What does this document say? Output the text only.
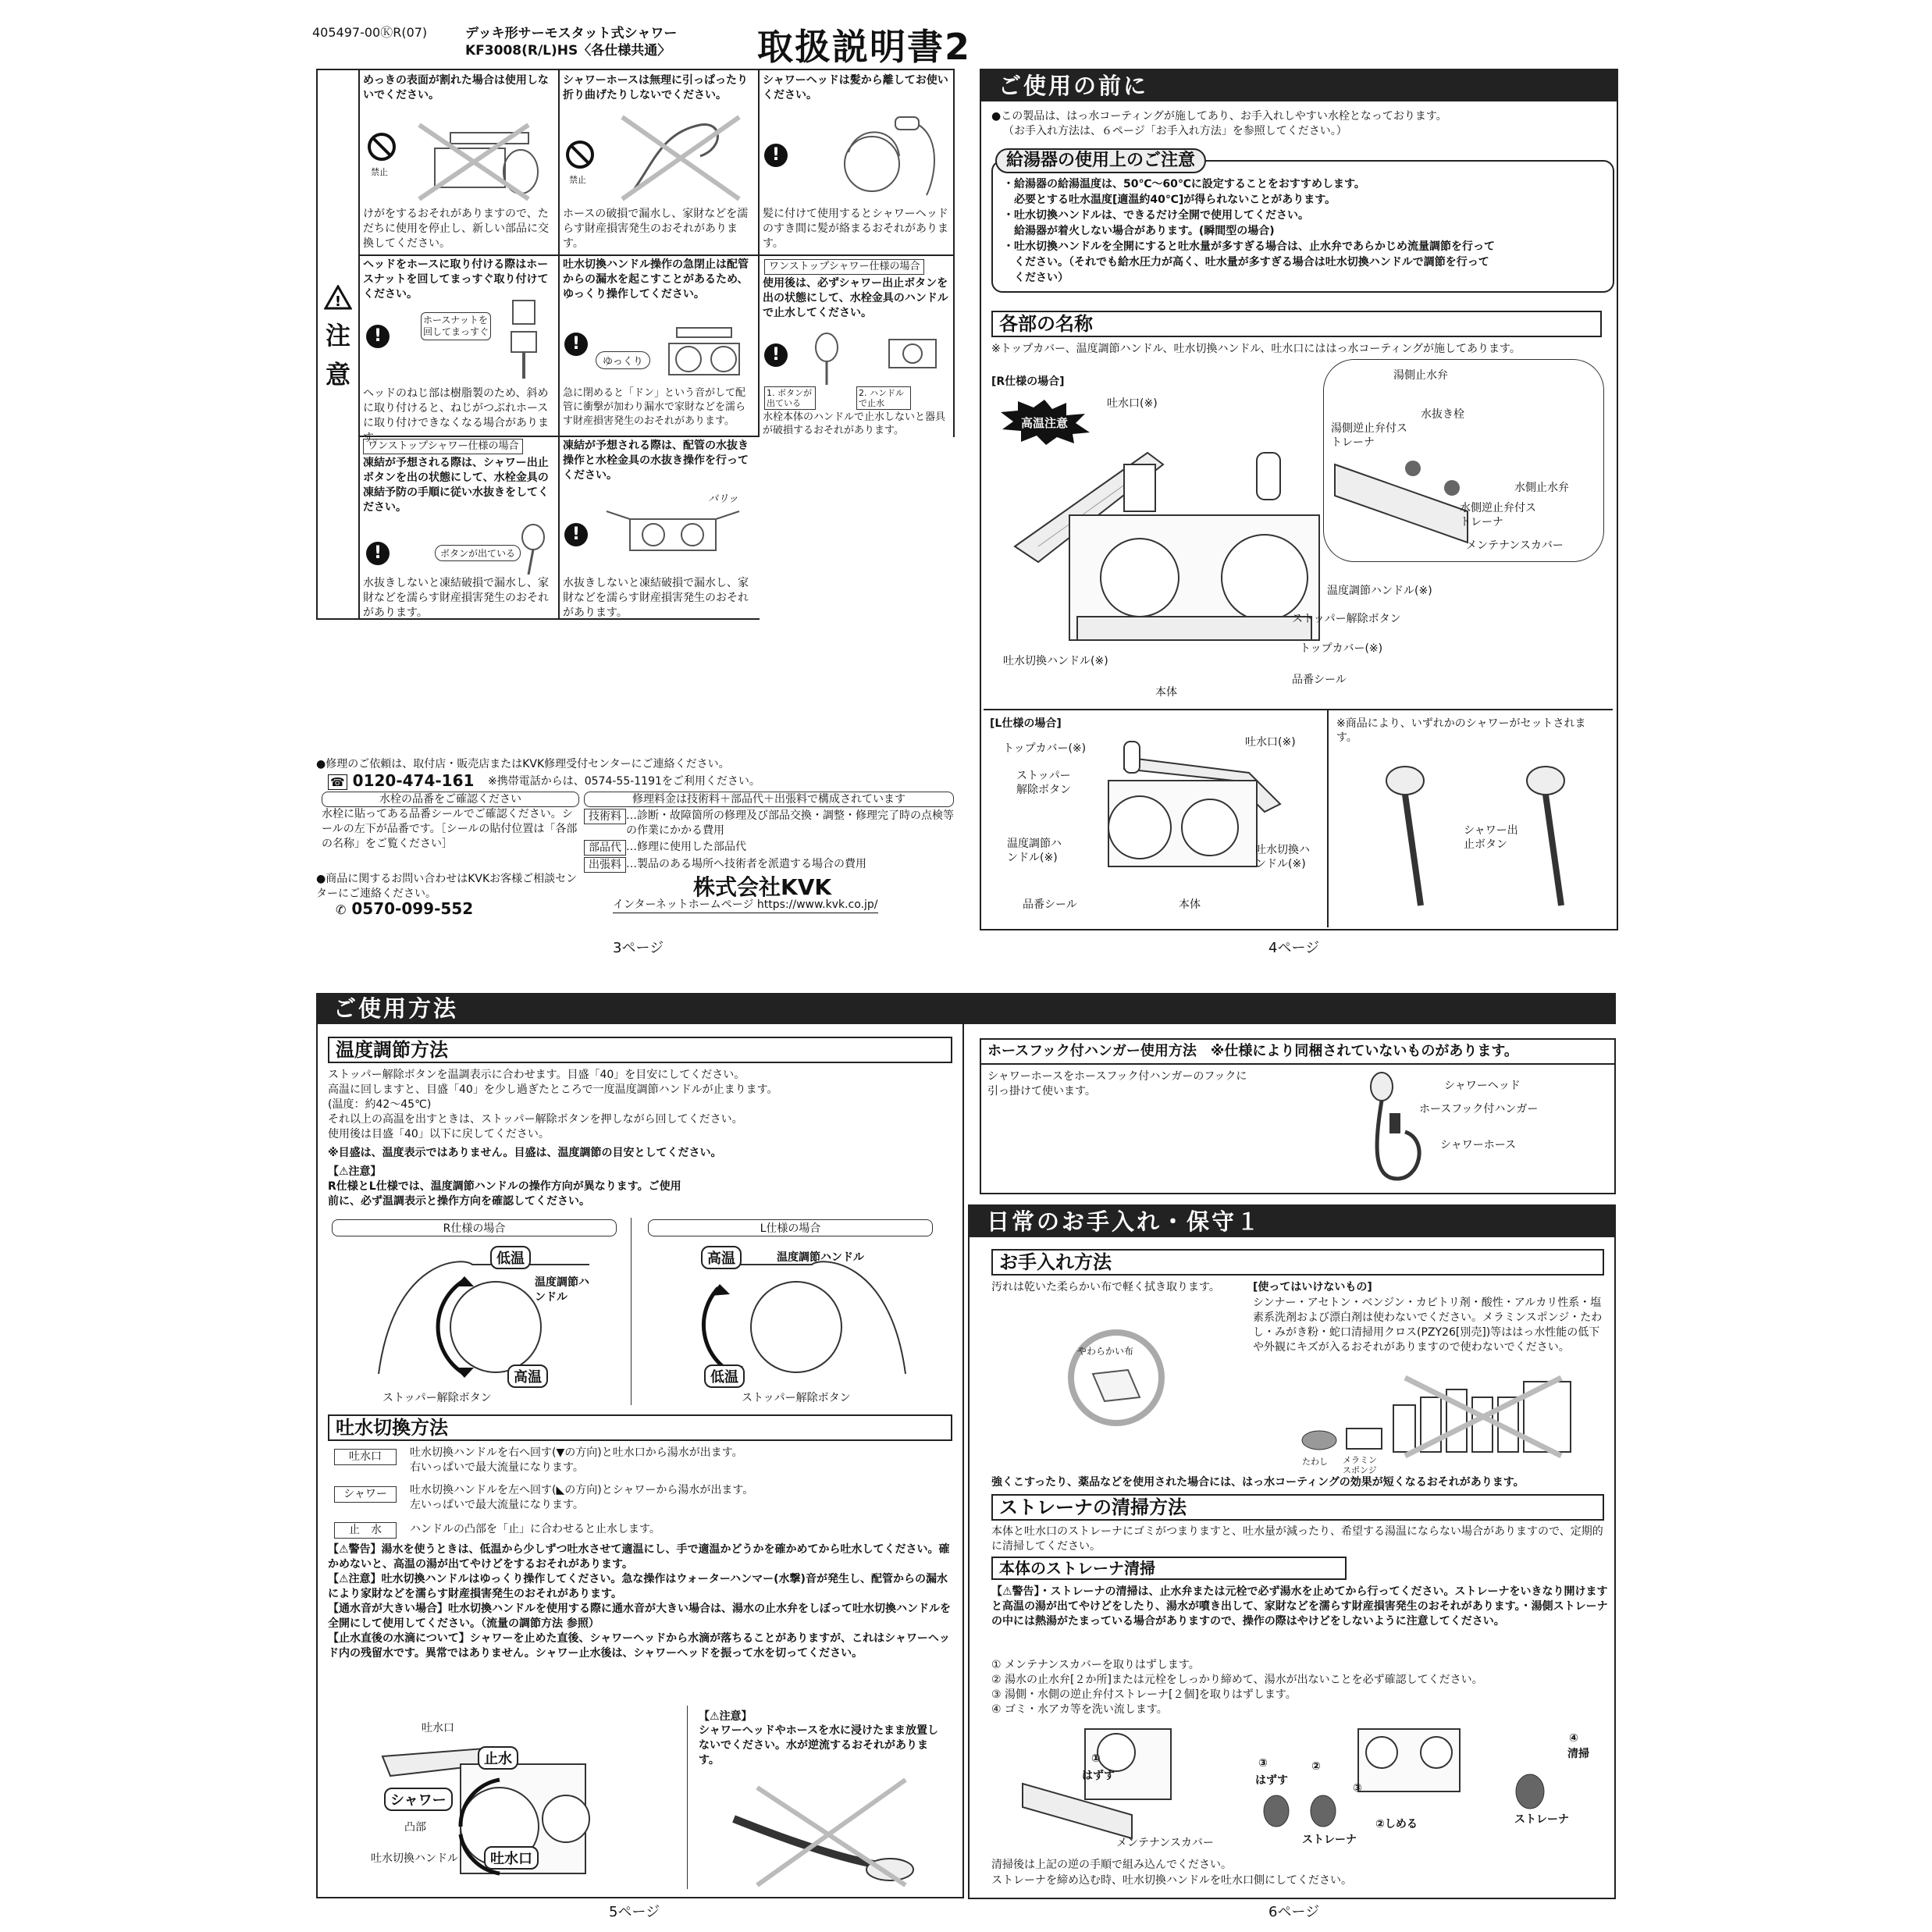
405497-00ⓀR(07)	デッキ形サーモスタット式シャワー
KF3008(R/L)HS〈各仕様共通〉 取扱説明書2
!
注
意
めっきの表面が割れた場合は使用しないでください。
禁止
けがをするおそれがありますので、ただちに使用を停止し、新しい部品に交換してください。
シャワーホースは無理に引っぱったり折り曲げたりしないでください。
禁止
ホースの破損で漏水し、家財などを濡らす財産損害発生のおそれがあります。
シャワーヘッドは髪から離してお使いください。
!
髪に付けて使用するとシャワーヘッドのすき間に髪が絡まるおそれがあります。
ヘッドをホースに取り付ける際はホースナットを回してまっすぐ取り付けてください。
!
ホースナットを回してまっすぐ
ヘッドのねじ部は樹脂製のため、斜めに取り付けると、ねじがつぶれホースに取り付けできなくなる場合があります。
吐水切換ハンドル操作の急閉止は配管からの漏水を起こすことがあるため、ゆっくり操作してください。
!
ゆっくり
急に閉めると「ドン」という音がして配管に衝撃が加わり漏水で家財などを濡らす財産損害発生のおそれがあります。
ワンストップシャワー仕様の場合
使用後は、必ずシャワー出止ボタンを出の状態にして、水栓金具のハンドルで止水してください。
!
1. ボタンが出ている
2. ハンドルで止水
水栓本体のハンドルで止水しないと器具が破損するおそれがあります。
ワンストップシャワー仕様の場合
凍結が予想される際は、シャワー出止ボタンを出の状態にして、水栓金具の凍結予防の手順に従い水抜きをしてください。
!	ボタンが出ている
水抜きしないと凍結破損で漏水し、家財などを濡らす財産損害発生のおそれがあります。
凍結が予想される際は、配管の水抜き操作と水栓金具の水抜き操作を行ってください。
!
パリッ
水抜きしないと凍結破損で漏水し、家財などを濡らす財産損害発生のおそれがあります。
●修理のご依頼は、取付店・販売店またはKVK修理受付センターにご連絡ください。
☎ 0120-474-161 ※携帯電話からは、0574-55-1191をご利用ください。
水栓の品番をご確認ください
水栓に貼ってある品番シールでご確認ください。シールの左下が品番です。［シールの貼付位置は「各部の名称」をご覧ください］
修理料金は技術料＋部品代＋出張料で構成されています
技術料 …診断・故障箇所の修理及び部品交換・調整・修理完了時の点検等の作業にかかる費用
部品代 …修理に使用した部品代
出張料 …製品のある場所へ技術者を派遣する場合の費用
●商品に関するお問い合わせはKVKお客様ご相談センターにご連絡ください。
✆ 0570-099-552
株式会社KVK
インターネットホームページ https://www.kvk.co.jp/
3ページ	4ページ
ご使用の前に
●この製品は、はっ水コーティングが施してあり、お手入れしやすい水栓となっております。
（お手入れ方法は、６ページ「お手入れ方法」を参照してください。）
給湯器の使用上のご注意
・給湯器の給湯温度は、50℃～60℃に設定することをおすすめします。
　必要とする吐水温度[適温約40℃]が得られないことがあります。
・吐水切換ハンドルは、できるだけ全開で使用してください。
　給湯器が着火しない場合があります。(瞬間型の場合)
・吐水切換ハンドルを全開にすると吐水量が多すぎる場合は、止水弁であらかじめ流量調節を行って
　ください。（それでも給水圧力が高く、吐水量が多すぎる場合は吐水切換ハンドルで調節を行って
　ください）
各部の名称
※トップカバー、温度調節ハンドル、吐水切換ハンドル、吐水口にははっ水コーティングが施してあります。
[R仕様の場合]
高温注意
吐水口(※)
湯側止水弁
水抜き栓
湯側逆止弁付ストレーナ
水側止水弁
水側逆止弁付ストレーナ
メンテナンスカバー
温度調節ハンドル(※)
ストッパー解除ボタン
トップカバー(※)
吐水切換ハンドル(※)
本体
品番シール
[L仕様の場合]
トップカバー(※)	吐水口(※)
ストッパー解除ボタン
温度調節ハンドル(※)
吐水切換ハンドル(※)
品番シール	本体
※商品により、いずれかのシャワーがセットされます。
シャワー出止ボタン
ご使用方法
温度調節方法
ストッパー解除ボタンを温調表示に合わせます。目盛「40」を目安にしてください。
高温に回しますと、目盛「40」を少し過ぎたところで一度温度調節ハンドルが止まります。
(温度：約42～45℃)
それ以上の高温を出すときは、ストッパー解除ボタンを押しながら回してください。
使用後は目盛「40」以下に戻してください。
※目盛は、温度表示ではありません。目盛は、温度調節の目安としてください。
【⚠注意】
R仕様とL仕様では、温度調節ハンドルの操作方向が異なります。ご使用前に、必ず温調表示と操作方向を確認してください。
R仕様の場合	L仕様の場合
低温
高温
温度調節ハンドル
ストッパー解除ボタン
高温
低温
温度調節ハンドル
ストッパー解除ボタン
吐水切換方法
吐水口	吐水切換ハンドルを右へ回す(▼の方向)と吐水口から湯水が出ます。
右いっぱいで最大流量になります。
シャワー	吐水切換ハンドルを左へ回す(◣の方向)とシャワーから湯水が出ます。
左いっぱいで最大流量になります。
止　水	ハンドルの凸部を「止」に合わせると止水します。
【⚠警告】湯水を使うときは、低温から少しずつ吐水させて適温にし、手で適温かどうかを確かめてから吐水してください。確かめないと、高温の湯が出てやけどをするおそれがあります。
【⚠注意】吐水切換ハンドルはゆっくり操作してください。急な操作はウォーターハンマー(水撃)音が発生し、配管からの漏水により家財などを濡らす財産損害発生のおそれがあります。
【通水音が大きい場合】吐水切換ハンドルを使用する際に通水音が大きい場合は、湯水の止水弁をしぼって吐水切換ハンドルを全開にして使用してください。（流量の調節方法 参照）
【止水直後の水滴について】シャワーを止めた直後、シャワーヘッドから水滴が落ちることがありますが、これはシャワーヘッド内の残留水です。異常ではありません。シャワー止水後は、シャワーヘッドを振って水を切ってください。
吐水口
止水
シャワー
凸部
吐水切換ハンドル	吐水口
【⚠注意】
シャワーヘッドやホースを水に浸けたまま放置しないでください。水が逆流するおそれがあります。
5ページ
ホースフック付ハンガー使用方法　※仕様により同梱されていないものがあります。
シャワーホースをホースフック付ハンガーのフックに引っ掛けて使います。	シャワーヘッド
ホースフック付ハンガー
シャワーホース
日常のお手入れ・保守１
お手入れ方法
汚れは乾いた柔らかい布で軽く拭き取ります。
やわらかい布
[使ってはいけないもの]
シンナー・アセトン・ベンジン・カビトリ剤・酸性・アルカリ性系・塩素系洗剤および漂白剤は使わないでください。メラミンスポンジ・たわし・みがき粉・蛇口清掃用クロス(PZY26[別売])等ははっ水性能の低下や外観にキズが入るおそれがありますので使わないでください。
たわし メラミンスポンジ
強くこすったり、薬品などを使用された場合には、はっ水コーティングの効果が短くなるおそれがあります。
ストレーナの清掃方法
本体と吐水口のストレーナにゴミがつまりますと、吐水量が減ったり、希望する湯温にならない場合がありますので、定期的に清掃してください。
本体のストレーナ清掃
【⚠警告】・ストレーナの清掃は、止水弁または元栓で必ず湯水を止めてから行ってください。ストレーナをいきなり開けますと高温の湯が出てやけどをしたり、湯水が噴き出して、家財などを濡らす財産損害発生のおそれがあります。・湯側ストレーナの中には熱湯がたまっている場合がありますので、操作の際はやけどをしないように注意してください。
① メンテナンスカバーを取りはずします。
② 湯水の止水弁[２か所]または元栓をしっかり締めて、湯水が出ないことを必ず確認してください。
③ 湯側・水側の逆止弁付ストレーナ[２個]を取りはずします。
④ ゴミ・水アカ等を洗い流します。
①
はずす
メンテナンスカバー
③
はずす
②
③
②しめる
ストレーナ
④
清掃
ストレーナ
清掃後は上記の逆の手順で組み込んでください。
ストレーナを締め込む時、吐水切換ハンドルを吐水口側にしてください。
6ページ
